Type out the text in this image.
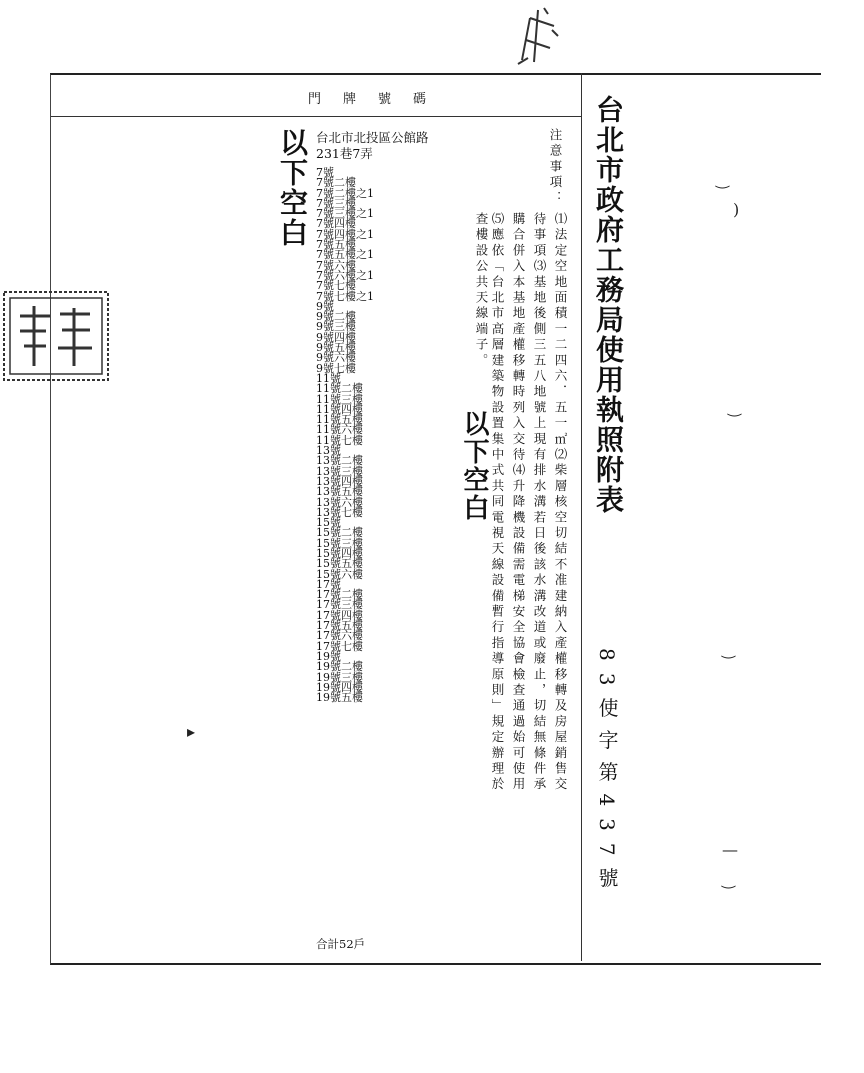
門牌號碼	台北市政府工務局使用執照附表
83使字第437號
以下空白
以下空白
注意事項：
⑴法定空地面積一二四六．五一㎡⑵柴層核空切結不准建納入產權移轉及房屋銷售交
待事項⑶基地後側三五八地號上現有排水溝若日後該水溝改道或廢止，切結無條件承
購合併入本基地產權移轉時列入交待⑷升降機設備需電梯安全協會檢查通過始可使用
⑸應依「台北市高層建築物設置集中式共同電視天線設備暫行指導原則」規定辦理於
查樓設公共天線端子。
台北市北投區公館路
231巷7弄
7號
7號二樓
7號二樓之1
7號三樓
7號三樓之1
7號四樓
7號四樓之1
7號五樓
7號五樓之1
7號六樓
7號六樓之1
7號七樓
7號七樓之1
9號
9號二樓
9號三樓
9號四樓
9號五樓
9號六樓
9號七樓
11號
11號二樓
11號三樓
11號四樓
11號五樓
11號六樓
11號七樓
13號
13號二樓
13號三樓
13號四樓
13號五樓
13號六樓
13號七樓
15號
15號二樓
15號三樓
15號四樓
15號五樓
15號六樓
17號
17號二樓
17號三樓
17號四樓
17號五樓
17號六樓
17號七樓
19號
19號二樓
19號三樓
19號四樓
19號五樓
合計52戶
‿
)
‿
‿
—
‿
▸
